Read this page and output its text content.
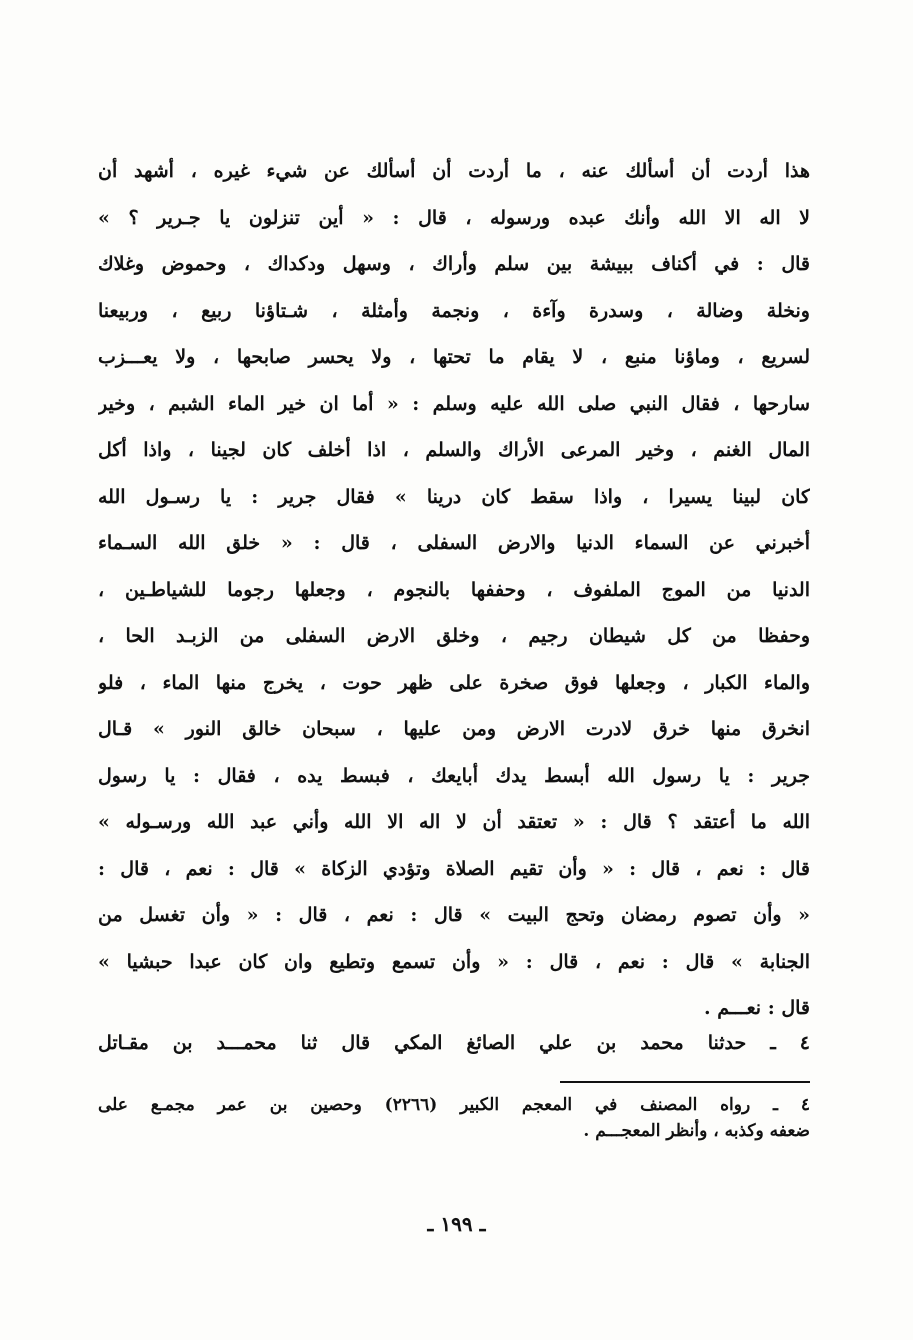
هذا أردت أن أسألك عنه ، ما أردت أن أسألك عن شيء غيره ، أشهد أن
لا اله الا الله وأنك عبده ورسوله ، قال : « أين تنزلون يا جـرير ؟ »
قال : في أكناف ببيشة بين سلم وأراك ، وسهل ودكداك ، وحموض وغلاك
ونخلة وضالة ، وسدرة وآءة ، ونجمة وأمثلة ، شـتاؤنا ربيع ، وربيعنا
لسريع ، وماؤنا منبع ، لا يقام ما تحتها ، ولا يحسر صابحها ، ولا يعـــزب
سارحها ، فقال النبي صلى الله عليه وسلم : « أما ان خير الماء الشبم ، وخير
المال الغنم ، وخير المرعى الأراك والسلم ، اذا أخلف كان لجينا ، واذا أكل
كان لبينا يسيرا ، واذا سقط كان درينا » فقال جرير : يا رسـول الله
أخبرني عن السماء الدنيا والارض السفلى ، قال : « خلق الله السـماء
الدنيا من الموج الملفوف ، وحففها بالنجوم ، وجعلها رجوما للشياطـين ،
وحفظا من كل شيطان رجيم ، وخلق الارض السفلى من الزبـد الحا ،
والماء الكبار ، وجعلها فوق صخرة على ظهر حوت ، يخرج منها الماء ، فلو
انخرق منها خرق لادرت الارض ومن عليها ، سبحان خالق النور » قـال
جرير : يا رسول الله أبسط يدك أبايعك ، فبسط يده ، فقال : يا رسول
الله ما أعتقد ؟ قال : « تعتقد أن لا اله الا الله وأني عبد الله ورسـوله »
قال : نعم ، قال : « وأن تقيم الصلاة وتؤدي الزكاة » قال : نعم ، قال :
« وأن تصوم رمضان وتحج البيت » قال : نعم ، قال : « وأن تغسل من
الجنابة » قال : نعم ، قال : « وأن تسمع وتطيع وان كان عبدا حبشيا »
قال : نعـــم .
٤ ـ حدثنا محمد بن علي الصائغ المكي قال ثنا محمـــد بن مقـاتل
٤ ـ رواه المصنف في المعجم الكبير (٢٢٦٦) وحصين بن عمر مجمـع على
ضعفه وكذبه ، وأنظر المعجـــم .
ـ ١٩٩ ـ
